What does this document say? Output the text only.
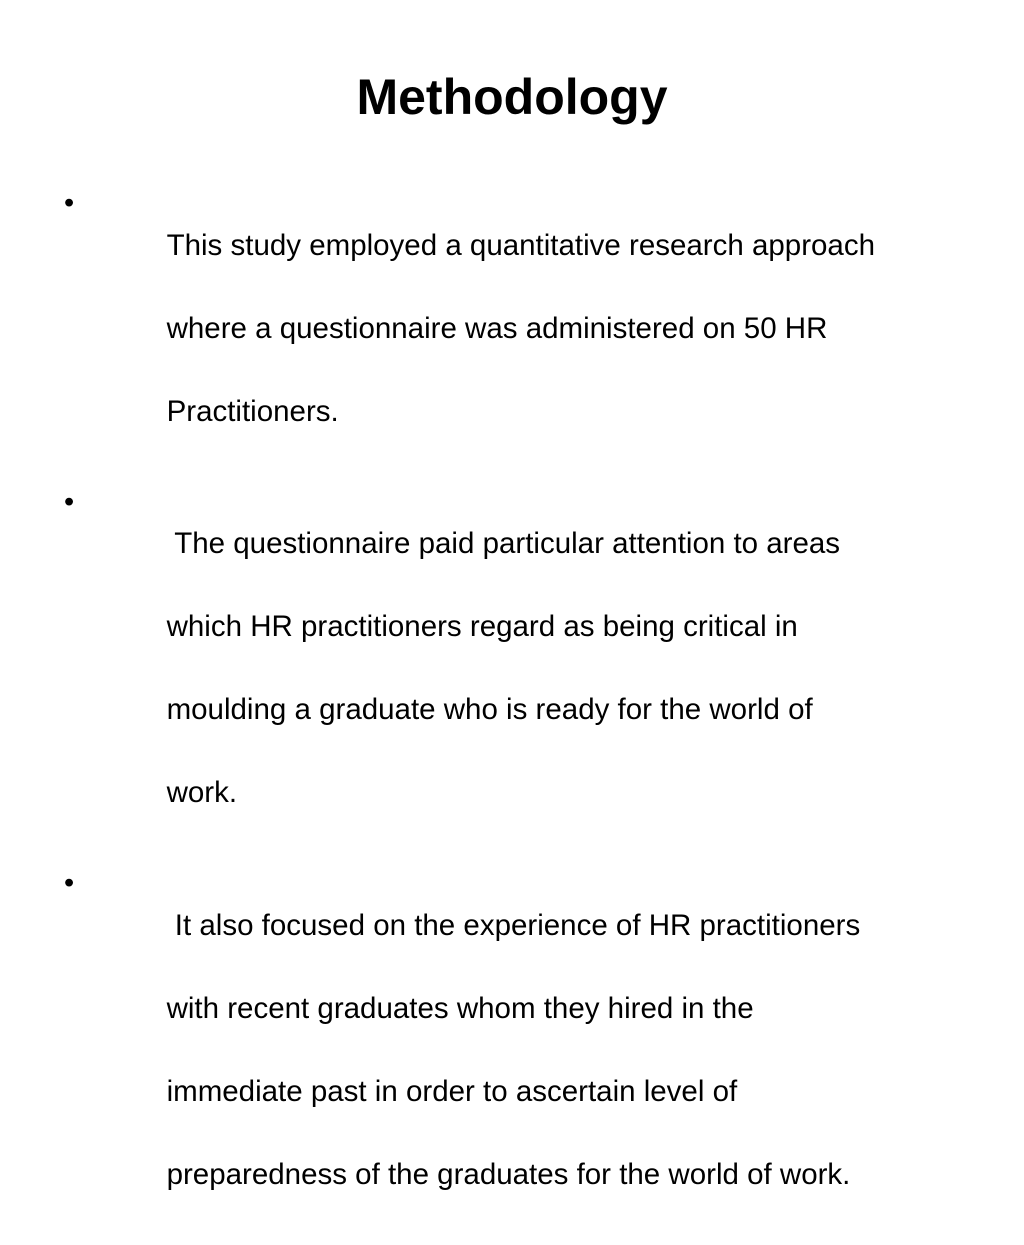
Methodology
•

This study employed a quantitative research approach

where a questionnaire was administered on 50 HR

Practitioners.

•

The questionnaire paid particular attention to areas

which HR practitioners regard as being critical in

moulding a graduate who is ready for the world of

work.

•

It also focused on the experience of HR practitioners

with recent graduates whom they hired in the

immediate past in order to ascertain level of

preparedness of the graduates for the world of work.
